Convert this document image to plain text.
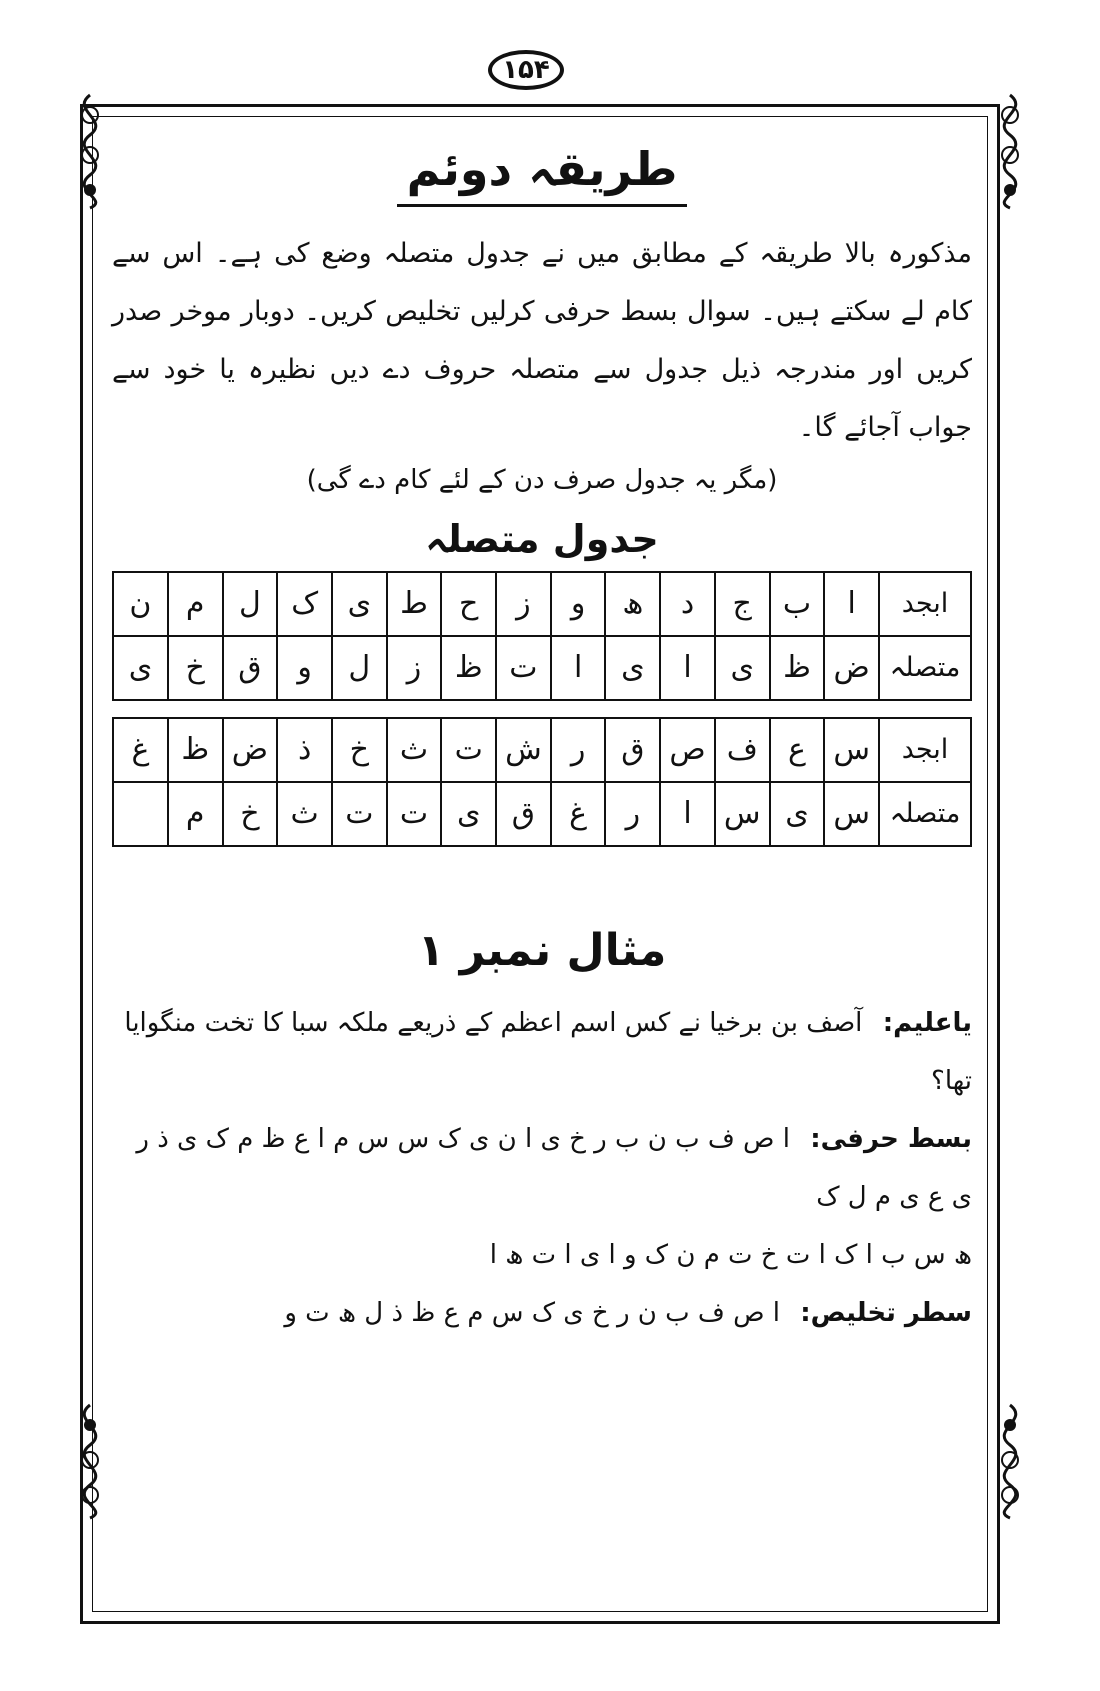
۱۵۴
طریقہ دوئم

مذکورہ بالا طریقہ کے مطابق میں نے جدول متصلہ وضع کی ہے۔ اس سے کام لے سکتے ہیں۔ سوال بسط حرفی کرلیں تخلیص کریں۔ دوبار موخر صدر کریں اور مندرجہ ذیل جدول سے متصلہ حروف دے دیں نظیرہ یا خود سے جواب آجائے گا۔

(مگر یہ جدول صرف دن کے لئے کام دے گی)

جدول متصلہ
ابجد	ا	ب	ج	د	ھ	و	ز	ح	ط	ی	ک	ل	م	ن
متصلہ	ض	ظ	ی	ا	ی	ا	ت	ظ	ز	ل	و	ق	خ	ی
ابجد	س	ع	ف	ص	ق	ر	ش	ت	ث	خ	ذ	ض	ظ	غ
متصلہ	س	ی	س	ا	ر	غ	ق	ی	ت	ت	ث	خ	م	
مثال نمبر ۱

یاعلیم: آصف بن برخیا نے کس اسم اعظم کے ذریعے ملکہ سبا کا تخت منگوایا تھا؟

بسط حرفی: ا ص ف ب ن ب ر خ ی ا ن ی ک س س م ا ع ظ م ک ی ذ ر ی ع ی م ل ک

ھ س ب ا ک ا ت خ ت م ن ک و ا ی ا ت ھ ا

سطر تخلیص: ا ص ف ب ن ر خ ی ک س م ع ظ ذ ل ھ ت و
